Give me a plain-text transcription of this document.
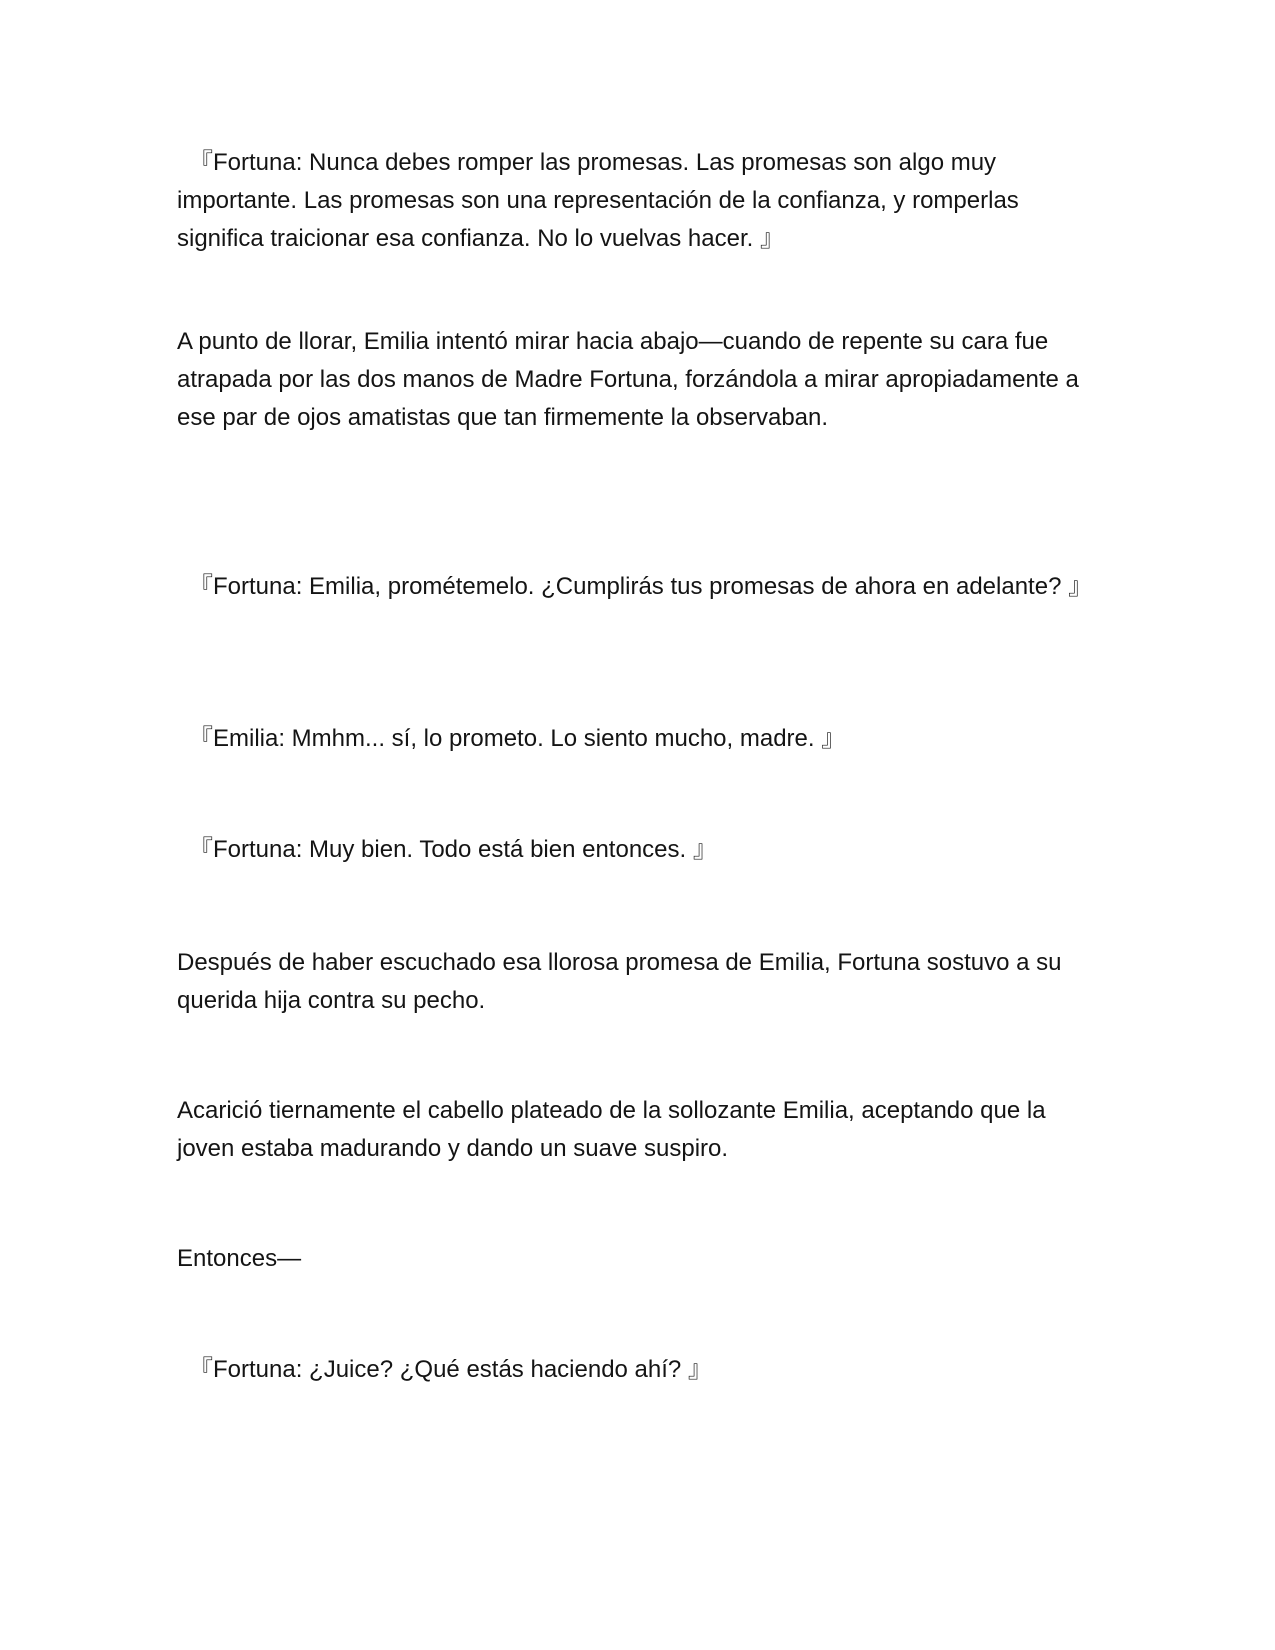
『Fortuna: Nunca debes romper las promesas. Las promesas son algo muy importante. Las promesas son una representación de la confianza, y romperlas significa traicionar esa confianza. No lo vuelvas hacer. 』

A punto de llorar, Emilia intentó mirar hacia abajo—cuando de repente su cara fue atrapada por las dos manos de Madre Fortuna, forzándola a mirar apropiadamente a ese par de ojos amatistas que tan firmemente la observaban.

『Fortuna: Emilia, prométemelo. ¿Cumplirás tus promesas de ahora en adelante? 』

『Emilia: Mmhm... sí, lo prometo. Lo siento mucho, madre. 』

『Fortuna: Muy bien. Todo está bien entonces. 』

Después de haber escuchado esa llorosa promesa de Emilia, Fortuna sostuvo a su querida hija contra su pecho.

Acarició tiernamente el cabello plateado de la sollozante Emilia, aceptando que la joven estaba madurando y dando un suave suspiro.

Entonces—

『Fortuna: ¿Juice? ¿Qué estás haciendo ahí? 』
